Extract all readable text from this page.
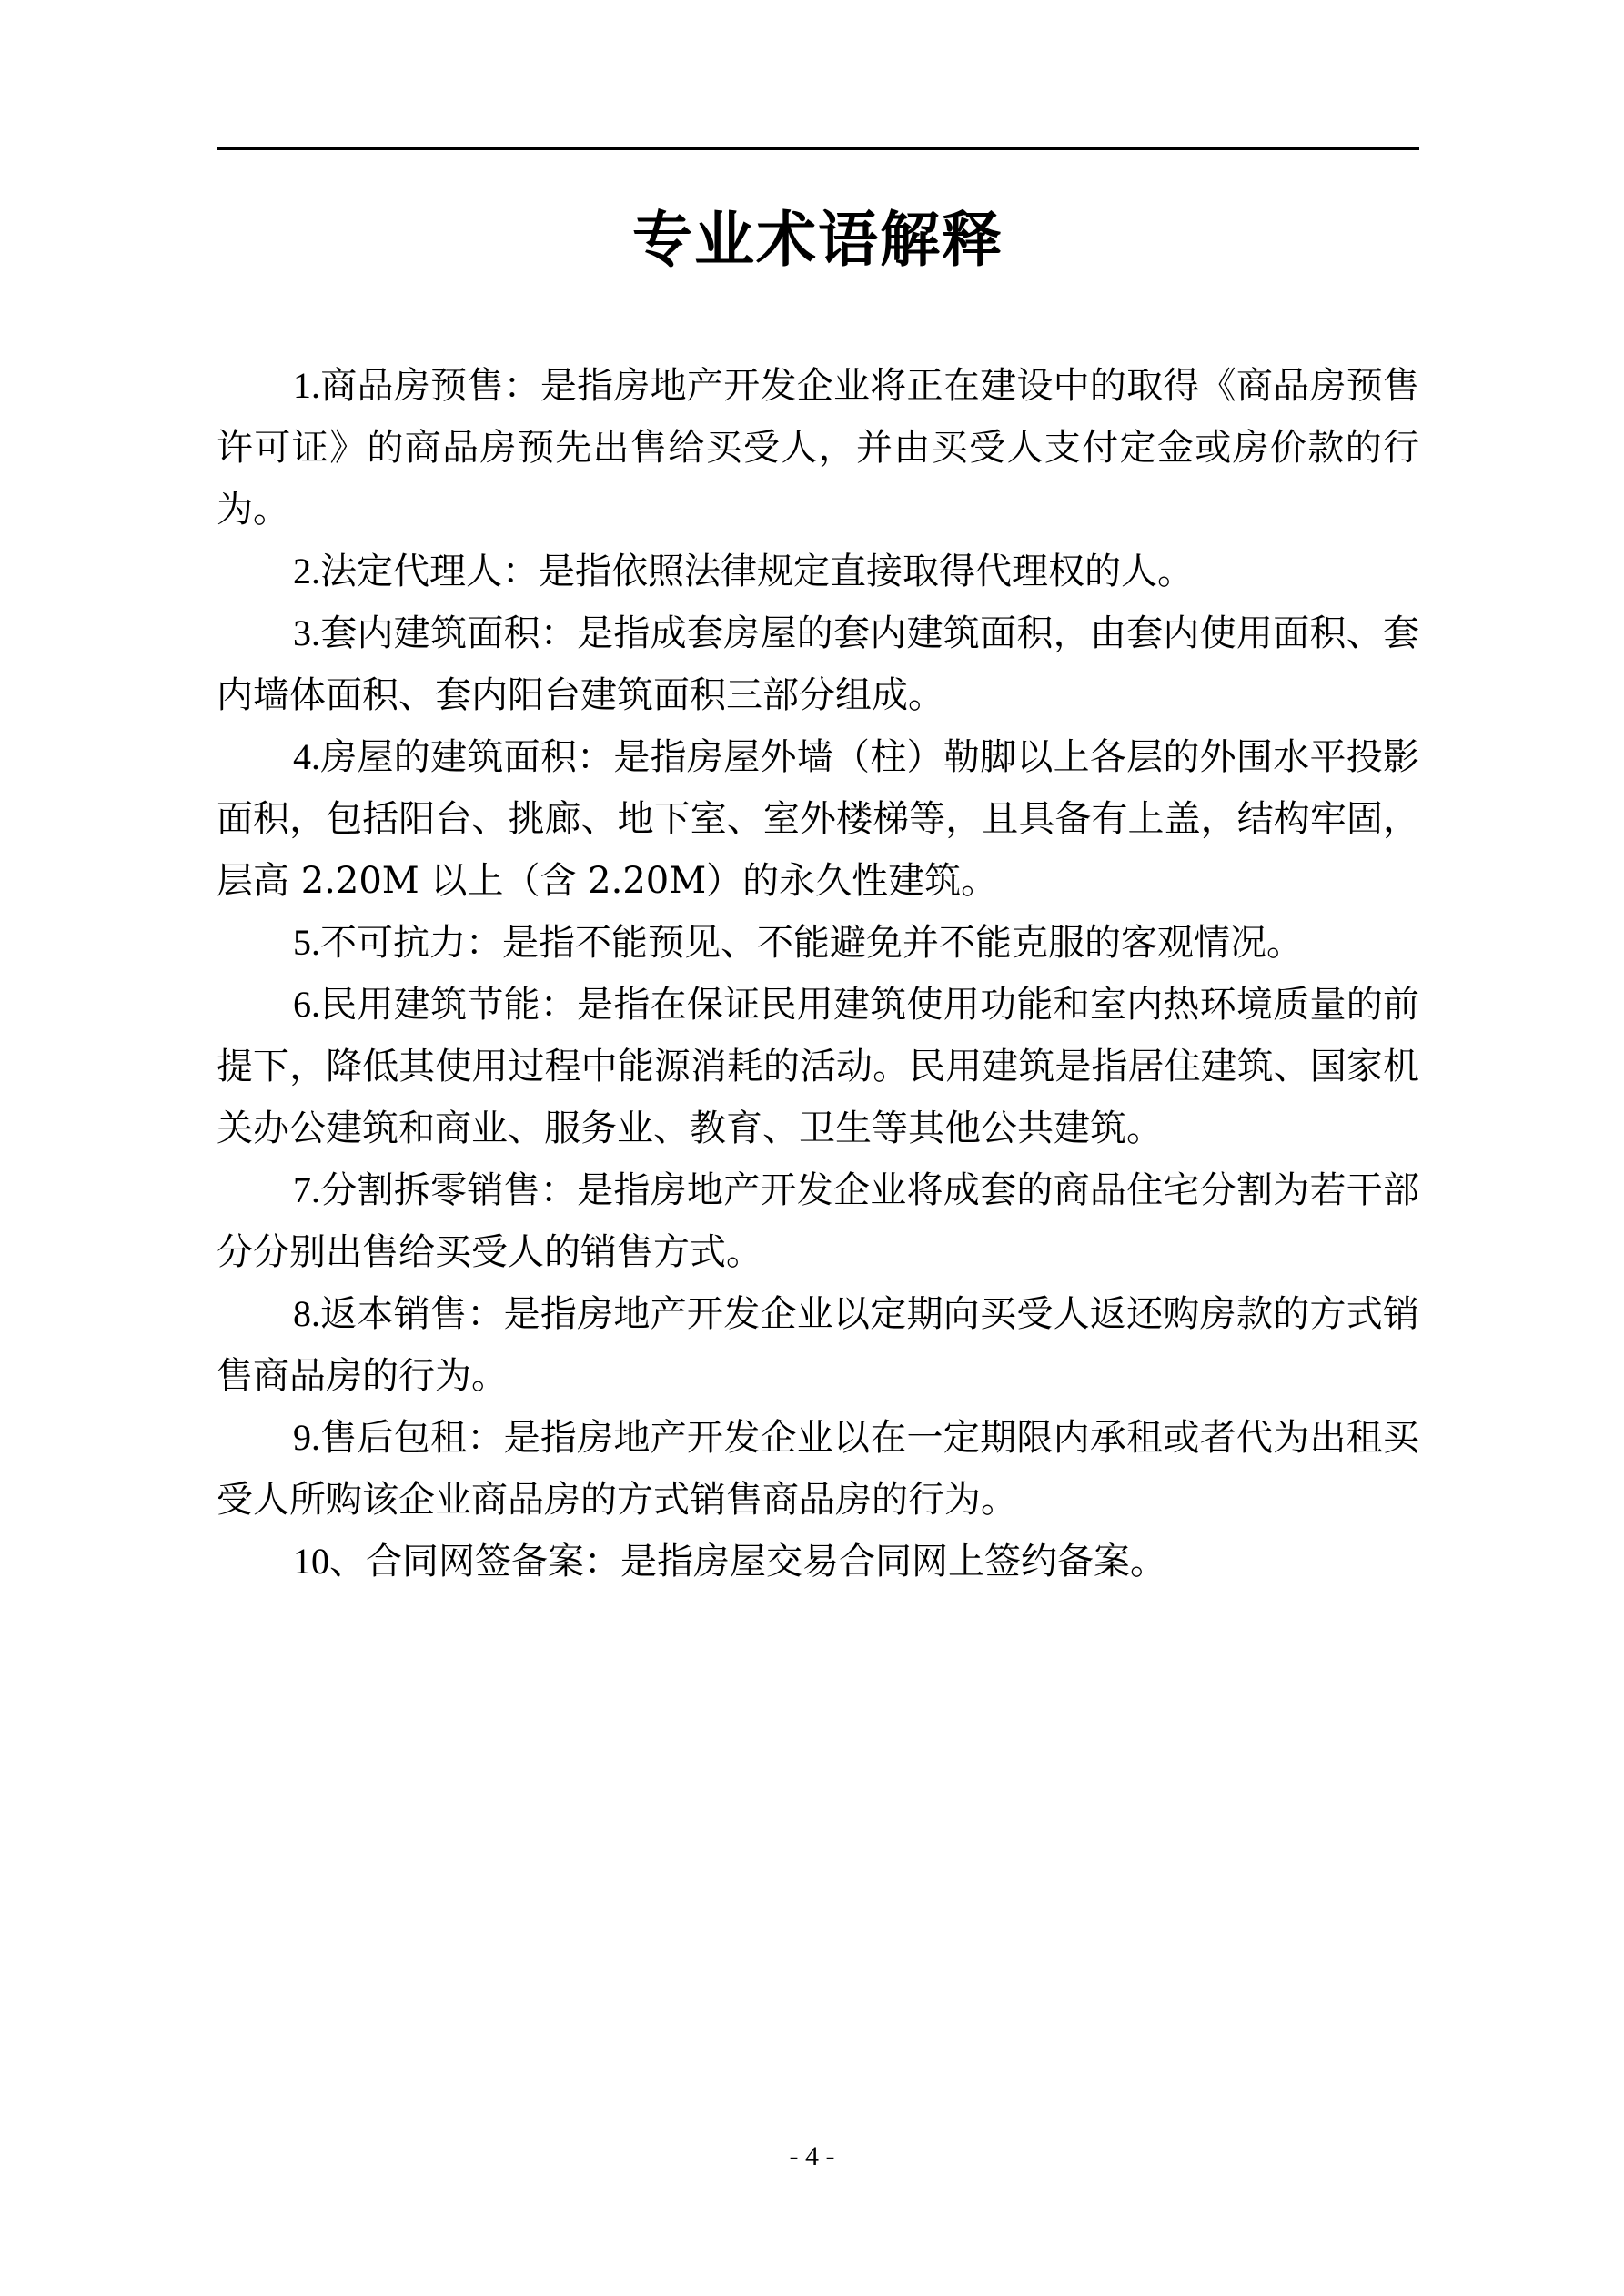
专业术语解释

1.商品房预售：是指房地产开发企业将正在建设中的取得《商品房预售许可证》的商品房预先出售给买受人，并由买受人支付定金或房价款的行为。

2.法定代理人：是指依照法律规定直接取得代理权的人。

3.套内建筑面积：是指成套房屋的套内建筑面积，由套内使用面积、套内墙体面积、套内阳台建筑面积三部分组成。

4.房屋的建筑面积：是指房屋外墙（柱）勒脚以上各层的外围水平投影面积，包括阳台、挑廊、地下室、室外楼梯等，且具备有上盖，结构牢固，层高 2.20M 以上（含 2.20M）的永久性建筑。

5.不可抗力：是指不能预见、不能避免并不能克服的客观情况。

6.民用建筑节能：是指在保证民用建筑使用功能和室内热环境质量的前提下，降低其使用过程中能源消耗的活动。民用建筑是指居住建筑、国家机关办公建筑和商业、服务业、教育、卫生等其他公共建筑。

7.分割拆零销售：是指房地产开发企业将成套的商品住宅分割为若干部分分别出售给买受人的销售方式。

8.返本销售：是指房地产开发企业以定期向买受人返还购房款的方式销售商品房的行为。

9.售后包租：是指房地产开发企业以在一定期限内承租或者代为出租买受人所购该企业商品房的方式销售商品房的行为。

10、合同网签备案：是指房屋交易合同网上签约备案。

- 4 -
